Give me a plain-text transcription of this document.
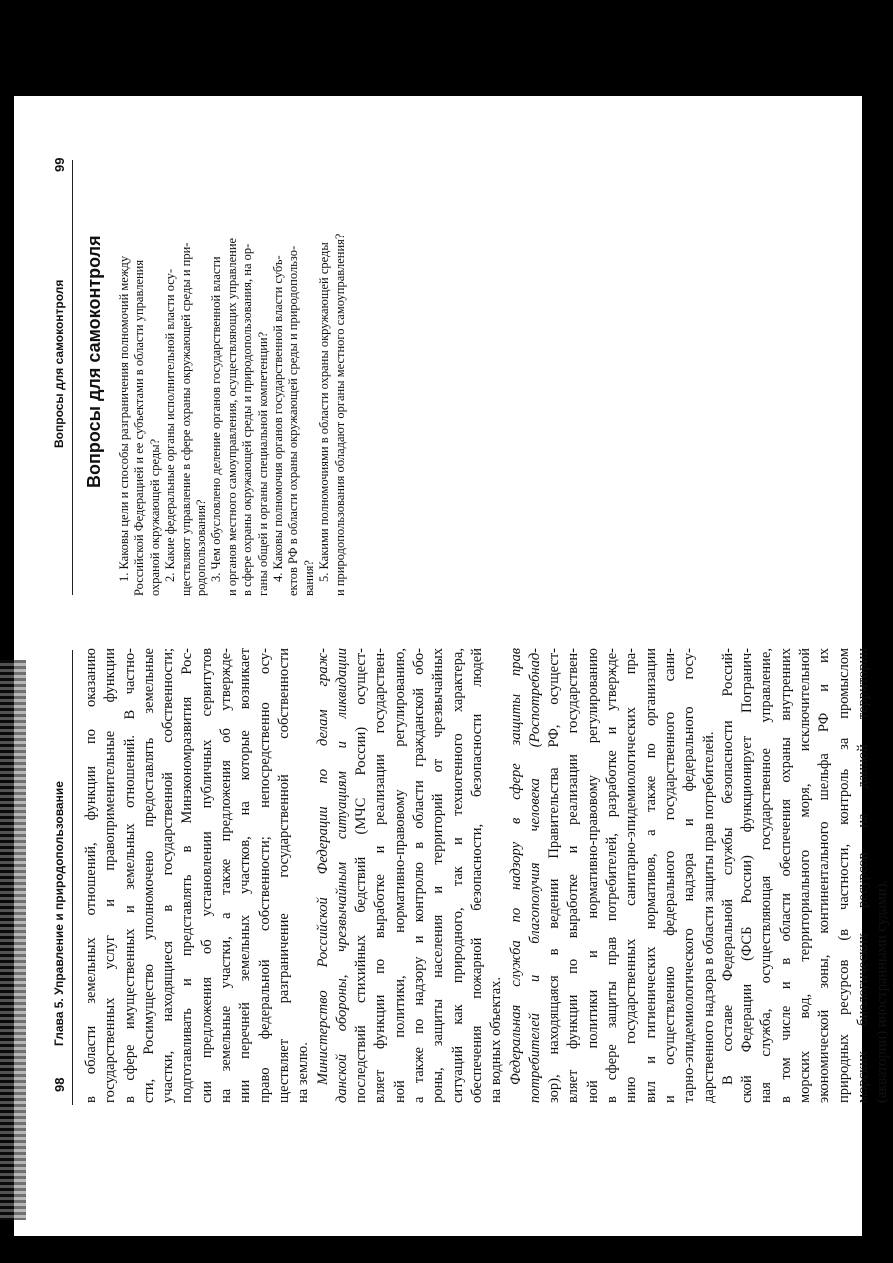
98
Глава 5. Управление и природопользование в области земельных отношений, функции по оказанию государственных услуг и правоприменительные функции в сфере имущественных и земельных отношений. В частно- сти, Росимущество уполномочено предоставлять земельные участки, находящиеся в государственной собственности; подготавливать и представлять в Минэкономразвития Рос- сии предложения об установлении публичных сервитутов на земельные участки, а также предложения об утвержде- нии перечней земельных участков, на которые возникает право федеральной собственности; непосредственно осу- ществляет разграничение государственной собственности на землю. Министерство Российской Федерации по делам граж- данской обороны, чрезвычайным ситуациям и ликвидации последствий стихийных бедствий (МЧС России) осущест- вляет функции по выработке и реализации государствен- ной политики, нормативно-правовому регулированию, а также по надзору и контролю в области гражданской обо- роны, защиты населения и территорий от чрезвычайных ситуаций как природного, так и техногенного характера, обеспечения пожарной безопасности, безопасности людей на водных объектах. Федеральная служба по надзору в сфере защиты прав потребителей и благополучия человека (Роспотребнад- зор), находящаяся в ведении Правительства РФ, осущест- вляет функции по выработке и реализации государствен- ной политики и нормативно-правовому регулированию в сфере защиты прав потребителей, разработке и утвержде- нию государственных санитарно-эпидемиологических пра- вил и гигиенических нормативов, а также по организации и осуществлению федерального государственного сани- тарно-эпидемиологического надзора и федерального госу- дарственного надзора в области защиты прав потребителей. В составе Федеральной службы безопасности Россий- ской Федерации (ФСБ России) функционирует Погранич- ная служба, осуществляющая государственное управление, в том числе и в области обеспечения охраны внутренних морских вод, территориального моря, исключительной экономической зоны, континентального шельфа РФ и их природных ресурсов (в частности, контроль за промыслом морских биологических ресурсов на данной территории (акватории) иностранными судами).

99
Вопросы для самоконтроля Вопросы для самоконтроля 1. Каковы цели и способы разграничения полномочий между Российской Федерацией и ее субъектами в области управления охраной окружающей среды? 2. Какие федеральные органы исполнительной власти осу- ществляют управление в сфере охраны окружающей среды и при- родопользования? 3. Чем обусловлено деление органов государственной власти и органов местного самоуправления, осуществляющих управление в сфере охраны окружающей среды и природопользования, на ор- ганы общей и органы специальной компетенции? 4. Каковы полномочия органов государственной власти субъ- ектов РФ в области охраны окружающей среды и природопользо- вания? 5. Какими полномочиями в области охраны окружающей среды и природопользования обладают органы местного самоуправления?
